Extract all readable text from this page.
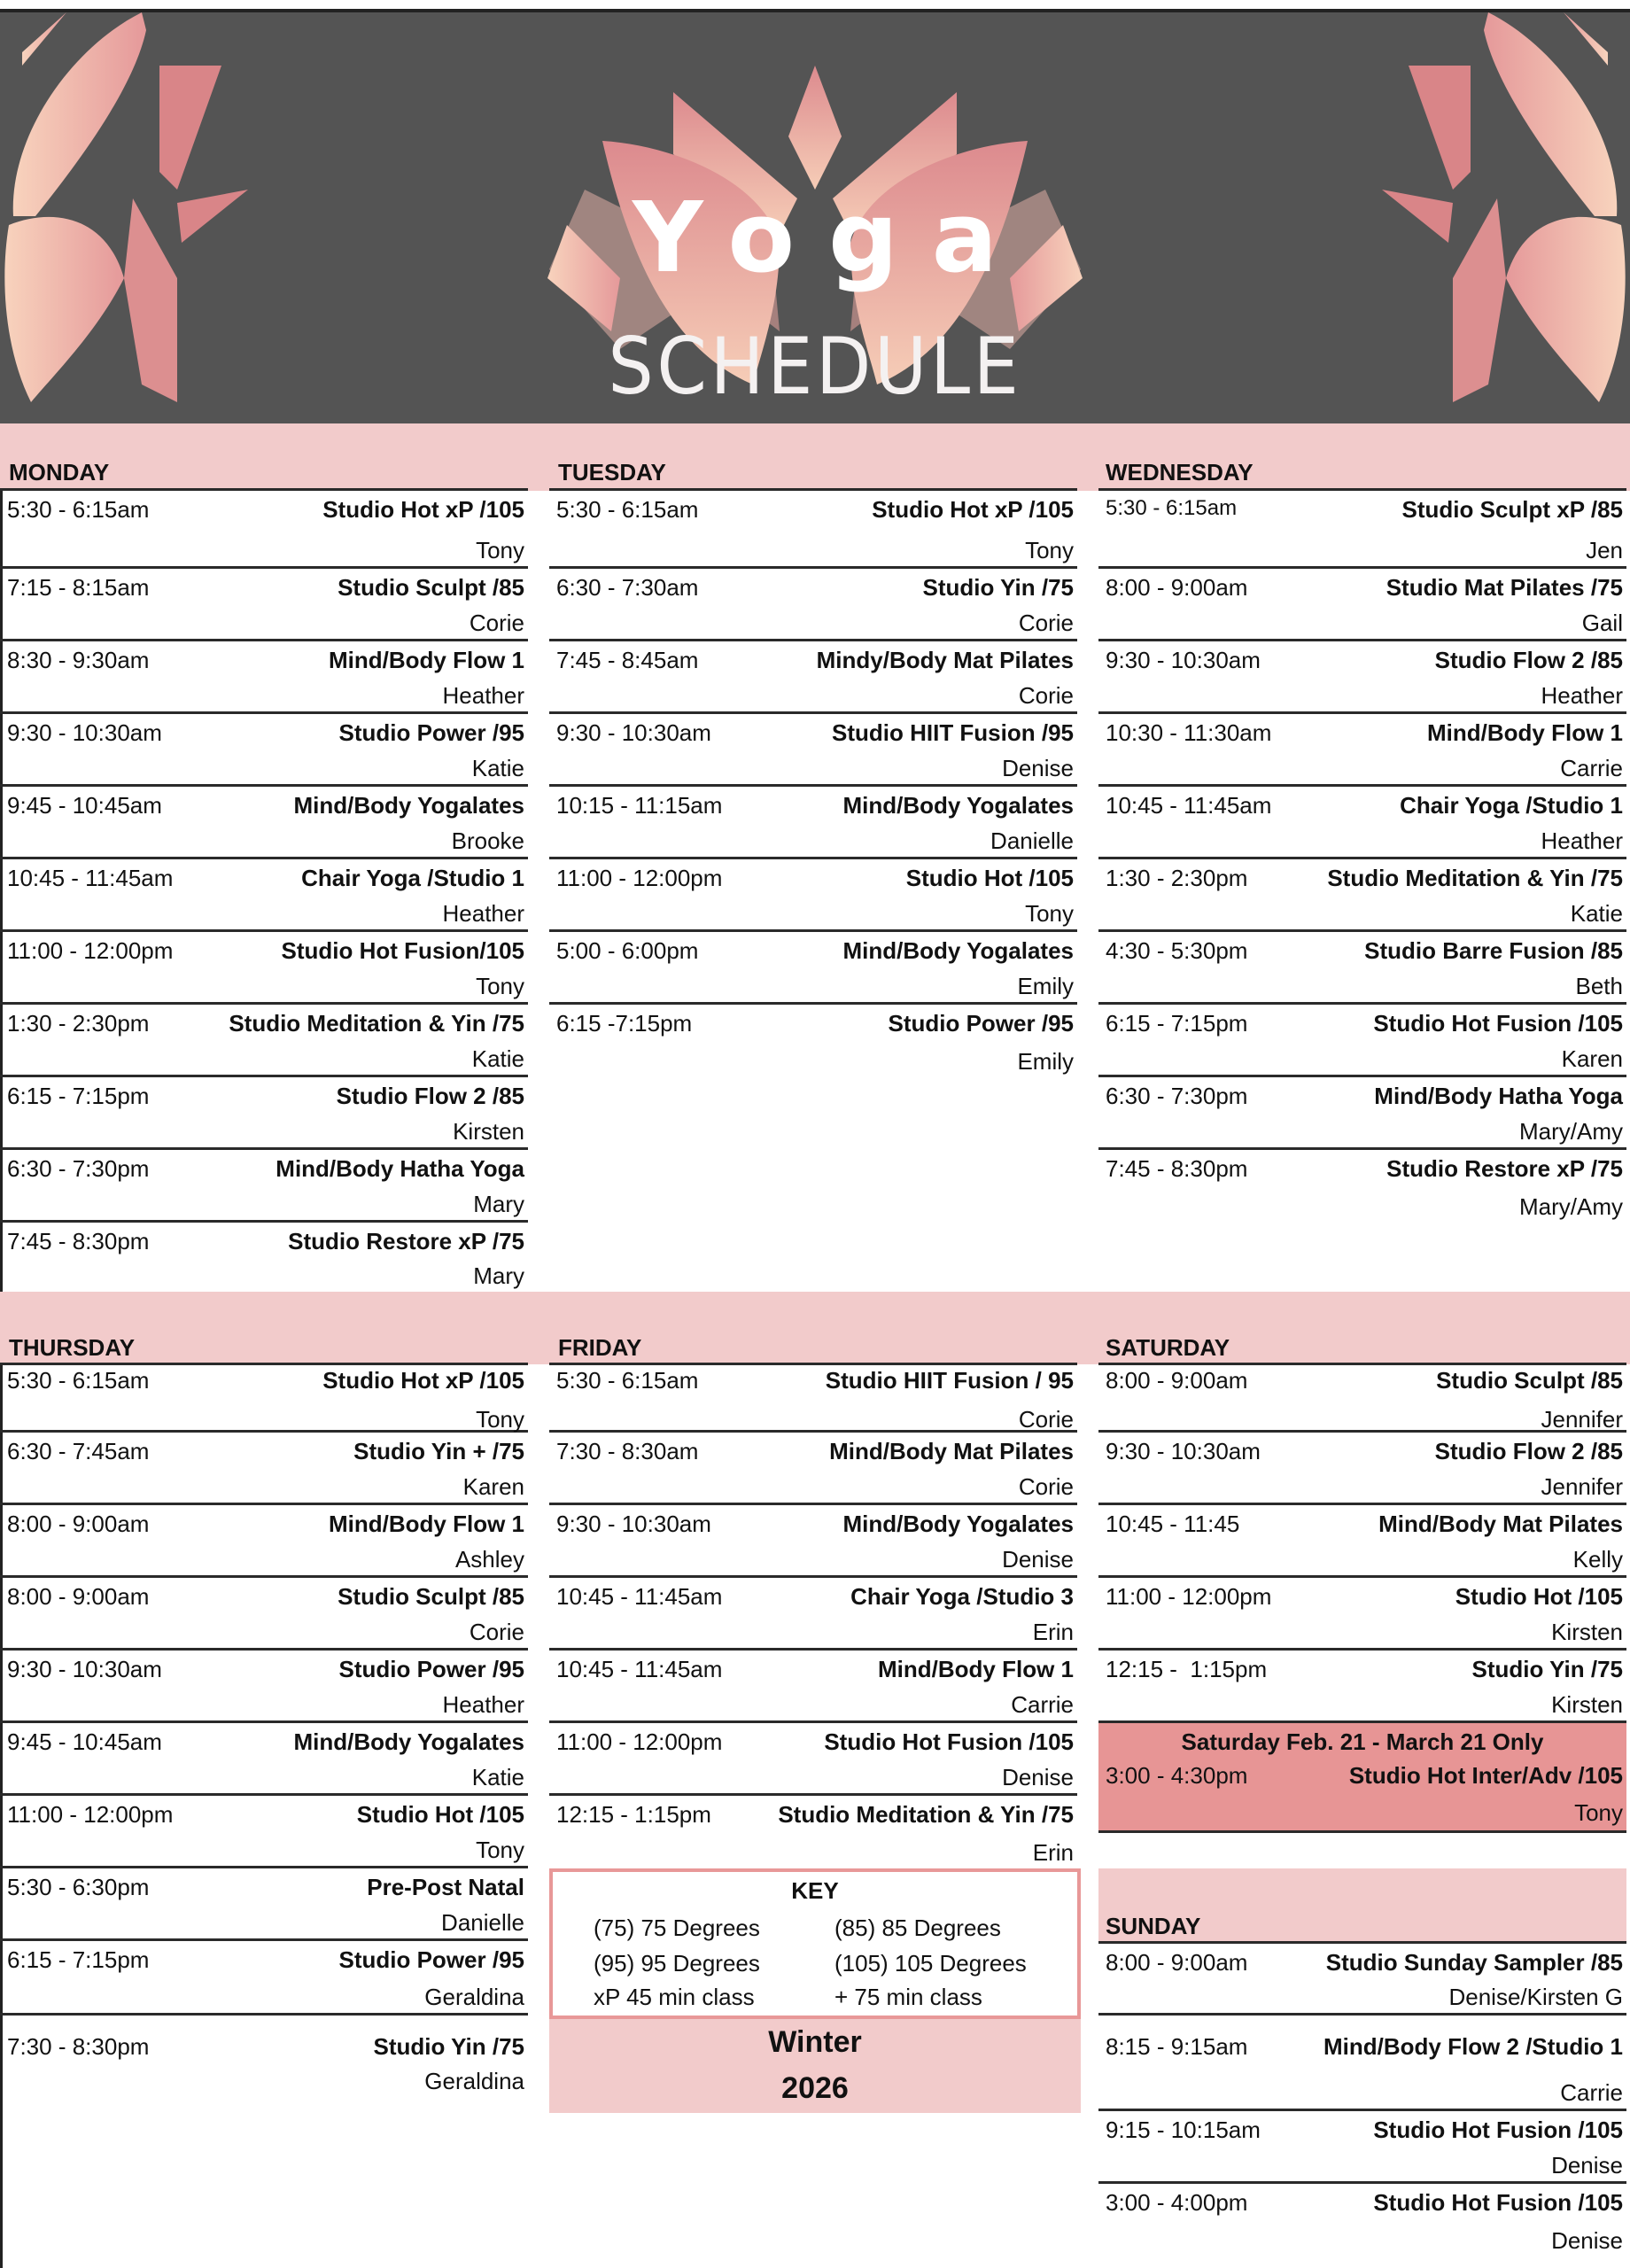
Yoga
SCHEDULE
MONDAY
5:30 - 6:15am	Studio Hot xP /105
Tony
7:15 - 8:15am	Studio Sculpt /85
Corie
8:30 - 9:30am	Mind/Body Flow 1
Heather
9:30 - 10:30am	Studio Power /95
Katie
9:45 - 10:45am	Mind/Body Yogalates
Brooke
10:45 - 11:45am	Chair Yoga /Studio 1
Heather
11:00 - 12:00pm	Studio Hot Fusion/105
Tony
1:30 - 2:30pm	Studio Meditation & Yin /75
Katie
6:15 - 7:15pm	Studio Flow 2 /85
Kirsten
6:30 - 7:30pm	Mind/Body Hatha Yoga
Mary
7:45 - 8:30pm	Studio Restore xP /75
Mary
TUESDAY
5:30 - 6:15am	Studio Hot xP /105
Tony
6:30 - 7:30am	Studio Yin /75
Corie
7:45 - 8:45am	Mindy/Body Mat Pilates
Corie
9:30 - 10:30am	Studio HIIT Fusion /95
Denise
10:15 - 11:15am	Mind/Body Yogalates
Danielle
11:00 - 12:00pm	Studio Hot /105
Tony
5:00 - 6:00pm	Mind/Body Yogalates
Emily
6:15 -7:15pm	Studio Power /95
Emily
WEDNESDAY
5:30 - 6:15am	Studio Sculpt xP /85
Jen
8:00 - 9:00am	Studio Mat Pilates /75
Gail
9:30 - 10:30am	Studio Flow 2 /85
Heather
10:30 - 11:30am	Mind/Body Flow 1
Carrie
10:45 - 11:45am	Chair Yoga /Studio 1
Heather
1:30 - 2:30pm	Studio Meditation & Yin /75
Katie
4:30 - 5:30pm	Studio Barre Fusion /85
Beth
6:15 - 7:15pm	Studio Hot Fusion /105
Karen
6:30 - 7:30pm	Mind/Body Hatha Yoga
Mary/Amy
7:45 - 8:30pm	Studio Restore xP /75
Mary/Amy
THURSDAY
5:30 - 6:15am	Studio Hot xP /105
Tony
6:30 - 7:45am	Studio Yin + /75
Karen
8:00 - 9:00am	Mind/Body Flow 1
Ashley
8:00 - 9:00am	Studio Sculpt /85
Corie
9:30 - 10:30am	Studio Power /95
Heather
9:45 - 10:45am	Mind/Body Yogalates
Katie
11:00 - 12:00pm	Studio Hot /105
Tony
5:30 - 6:30pm	Pre-Post Natal
Danielle
6:15 - 7:15pm	Studio Power /95
Geraldina
7:30 - 8:30pm	Studio Yin /75
Geraldina
FRIDAY
5:30 - 6:15am	Studio HIIT Fusion / 95
Corie
7:30 - 8:30am	Mind/Body Mat Pilates
Corie
9:30 - 10:30am	Mind/Body Yogalates
Denise
10:45 - 11:45am	Chair Yoga /Studio 3
Erin
10:45 - 11:45am	Mind/Body Flow 1
Carrie
11:00 - 12:00pm	Studio Hot Fusion /105
Denise
12:15 - 1:15pm	Studio Meditation & Yin /75
Erin
KEY
(75) 75 Degrees	(85) 85 Degrees
(95) 95 Degrees	(105) 105 Degrees
xP 45 min class	+ 75 min class
Winter
2026
SATURDAY
8:00 - 9:00am	Studio Sculpt /85
Jennifer
9:30 - 10:30am	Studio Flow 2 /85
Jennifer
10:45 - 11:45	Mind/Body Mat Pilates
Kelly
11:00 - 12:00pm	Studio Hot /105
Kirsten
12:15 -  1:15pm	Studio Yin /75
Kirsten
Saturday Feb. 21 - March 21 Only
3:00 - 4:30pm	Studio Hot Inter/Adv /105
Tony
SUNDAY
8:00 - 9:00am	Studio Sunday Sampler /85
Denise/Kirsten G
8:15 - 9:15am	Mind/Body Flow 2 /Studio 1
Carrie
9:15 - 10:15am	Studio Hot Fusion /105
Denise
3:00 - 4:00pm	Studio Hot Fusion /105
Denise
